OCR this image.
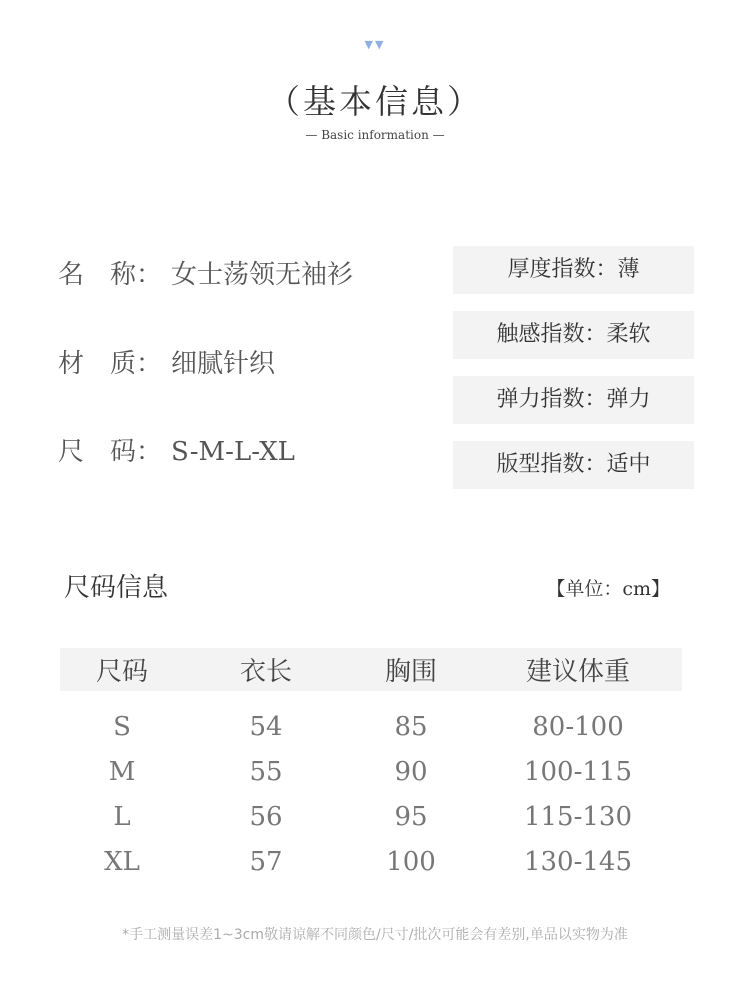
▼▼
（基本信息）
— Basic information —
名　称： 女士荡领无袖衫
材　质： 细腻针织
尺　码： S-M-L-XL
厚度指数：薄
触感指数：柔软
弹力指数：弹力
版型指数：适中
尺码信息	【单位：cm】
尺码	衣长	胸围	建议体重
S	54	85	80-100
M	55	90	100-115
L	56	95	115-130
XL	57	100	130-145
*手工测量误差1~3cm敬请谅解不同颜色/尺寸/批次可能会有差别,单品以实物为准
